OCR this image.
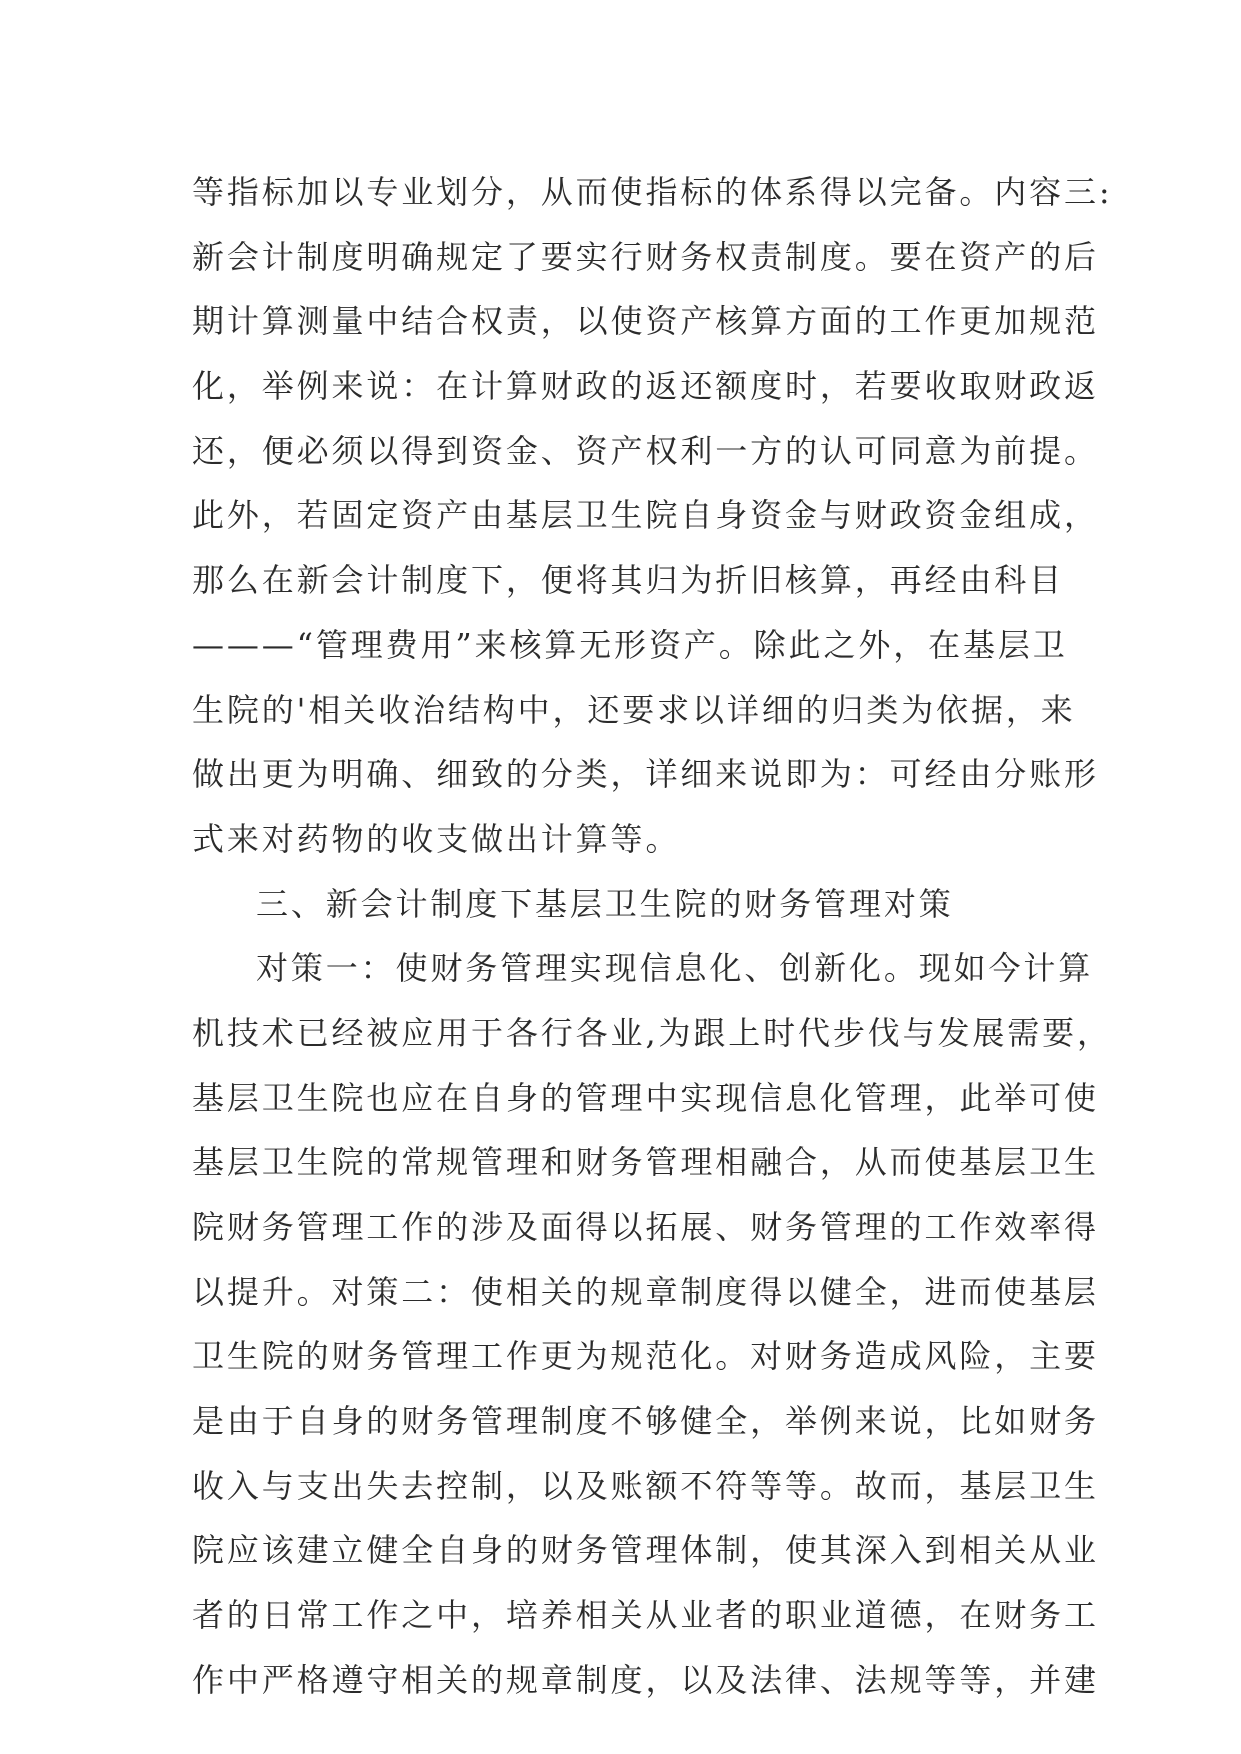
等指标加以专业划分，从而使指标的体系得以完备。内容三:
新会计制度明确规定了要实行财务权责制度。要在资产的后
期计算测量中结合权责，以使资产核算方面的工作更加规范
化，举例来说：在计算财政的返还额度时，若要收取财政返
还，便必须以得到资金、资产权利一方的认可同意为前提。
此外，若固定资产由基层卫生院自身资金与财政资金组成，
那么在新会计制度下，便将其归为折旧核算，再经由科目
———“管理费用”来核算无形资产。除此之外，在基层卫
生院的'相关收治结构中，还要求以详细的归类为依据，来
做出更为明确、细致的分类，详细来说即为：可经由分账形
式来对药物的收支做出计算等。
三、新会计制度下基层卫生院的财务管理对策
对策一：使财务管理实现信息化、创新化。现如今计算
机技术已经被应用于各行各业,为跟上时代步伐与发展需要，
基层卫生院也应在自身的管理中实现信息化管理，此举可使
基层卫生院的常规管理和财务管理相融合，从而使基层卫生
院财务管理工作的涉及面得以拓展、财务管理的工作效率得
以提升。对策二：使相关的规章制度得以健全，进而使基层
卫生院的财务管理工作更为规范化。对财务造成风险，主要
是由于自身的财务管理制度不够健全，举例来说，比如财务
收入与支出失去控制，以及账额不符等等。故而，基层卫生
院应该建立健全自身的财务管理体制，使其深入到相关从业
者的日常工作之中，培养相关从业者的职业道德，在财务工
作中严格遵守相关的规章制度，以及法律、法规等等，并建
